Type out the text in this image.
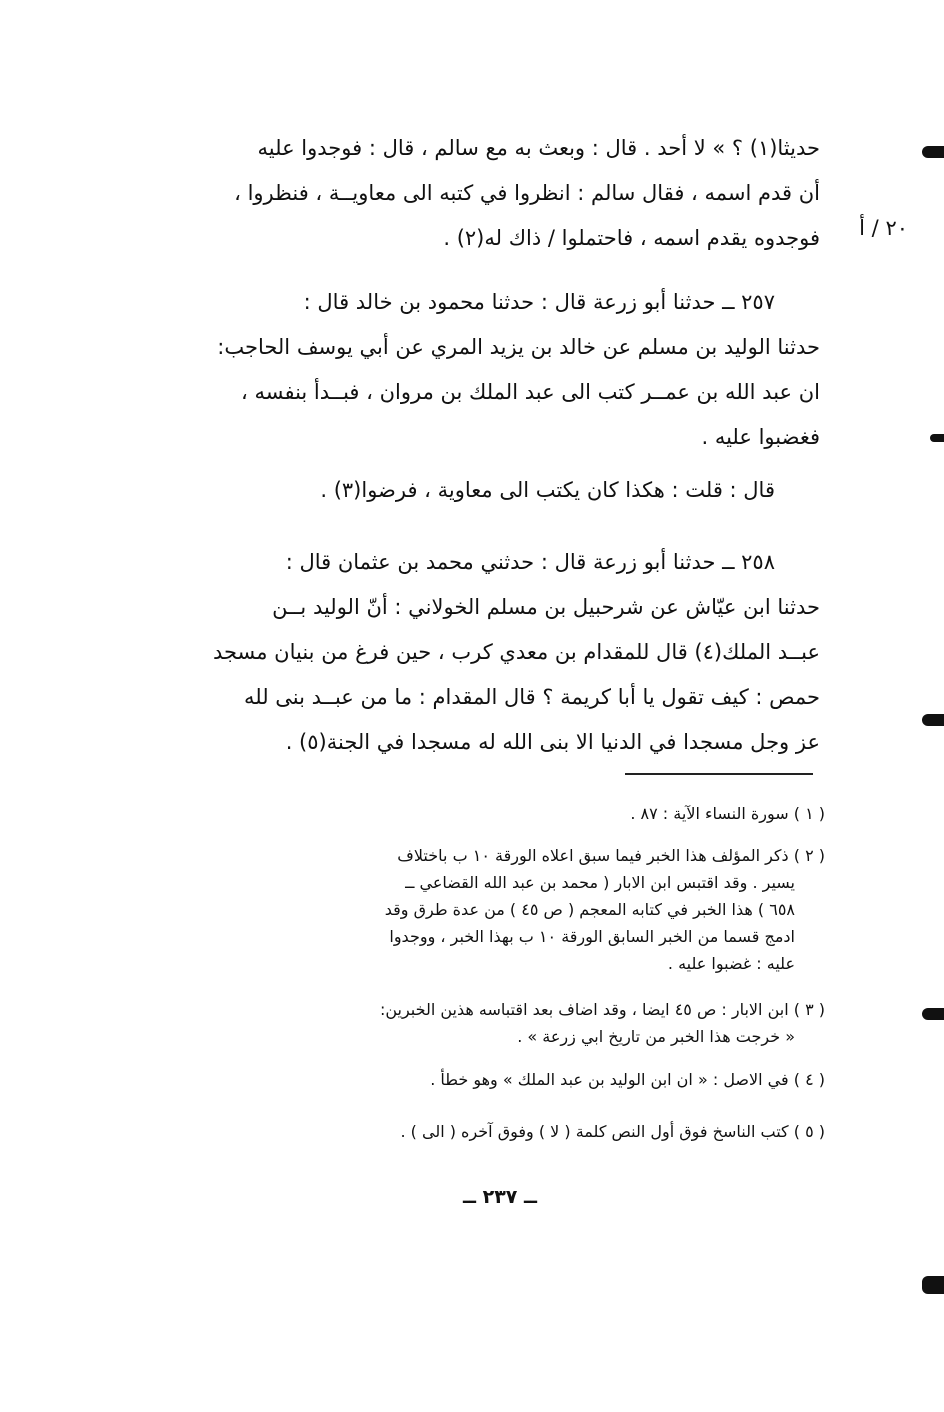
حديثا(١) ؟ » لا أحد . قال : وبعث به مع سالم ، قال : فوجدوا عليه
أن قدم اسمه ، فقال سالم : انظروا في كتبه الى معاويــة ، فنظروا ،
فوجدوه يقدم اسمه ، فاحتملوا / ذاك له(٢) .	٢٠ / أ
٢٥٧ ــ حدثنا أبو زرعة قال : حدثنا محمود بن خالد قال :
حدثنا الوليد بن مسلم عن خالد بن يزيد المري عن أبي يوسف الحاجب:
ان عبد الله بن عمــر كتب الى عبد الملك بن مروان ، فبــدأ بنفسه ،
فغضبوا عليه .
قال : قلت : هكذا كان يكتب الى معاوية ، فرضوا(٣) .
٢٥٨ ــ حدثنا أبو زرعة قال : حدثني محمد بن عثمان قال :
حدثنا ابن عيّاش عن شرحبيل بن مسلم الخولاني : أنّ الوليد بــن
عبــد الملك(٤) قال للمقدام بن معدي كرب ، حين فرغ من بنيان مسجد
حمص : كيف تقول يا أبا كريمة ؟ قال المقدام : ما من عبــد بنى لله
عز وجل مسجدا في الدنيا الا بنى الله له مسجدا في الجنة(٥) .
( ١ ) سورة النساء الآية : ٨٧ .
( ٢ ) ذكر المؤلف هذا الخبر فيما سبق اعلاه الورقة ١٠ ب باختلاف
يسير . وقد اقتبس ابن الابار ( محمد بن عبد الله القضاعي ــ
٦٥٨ ) هذا الخبر في كتابه المعجم ( ص ٤٥ ) من عدة طرق وقد
ادمج قسما من الخبر السابق الورقة ١٠ ب بهذا الخبر ، ووجدوا
عليه : غضبوا عليه .
( ٣ ) ابن الابار : ص ٤٥ ايضا ، وقد اضاف بعد اقتباسه هذين الخبرين:
« خرجت هذا الخبر من تاريخ ابي زرعة » .
( ٤ ) في الاصل : « ان ابن الوليد بن عبد الملك » وهو خطأ .
( ٥ ) كتب الناسخ فوق أول النص كلمة ( لا ) وفوق آخره ( الى ) .
ــ ٢٣٧ ــ
